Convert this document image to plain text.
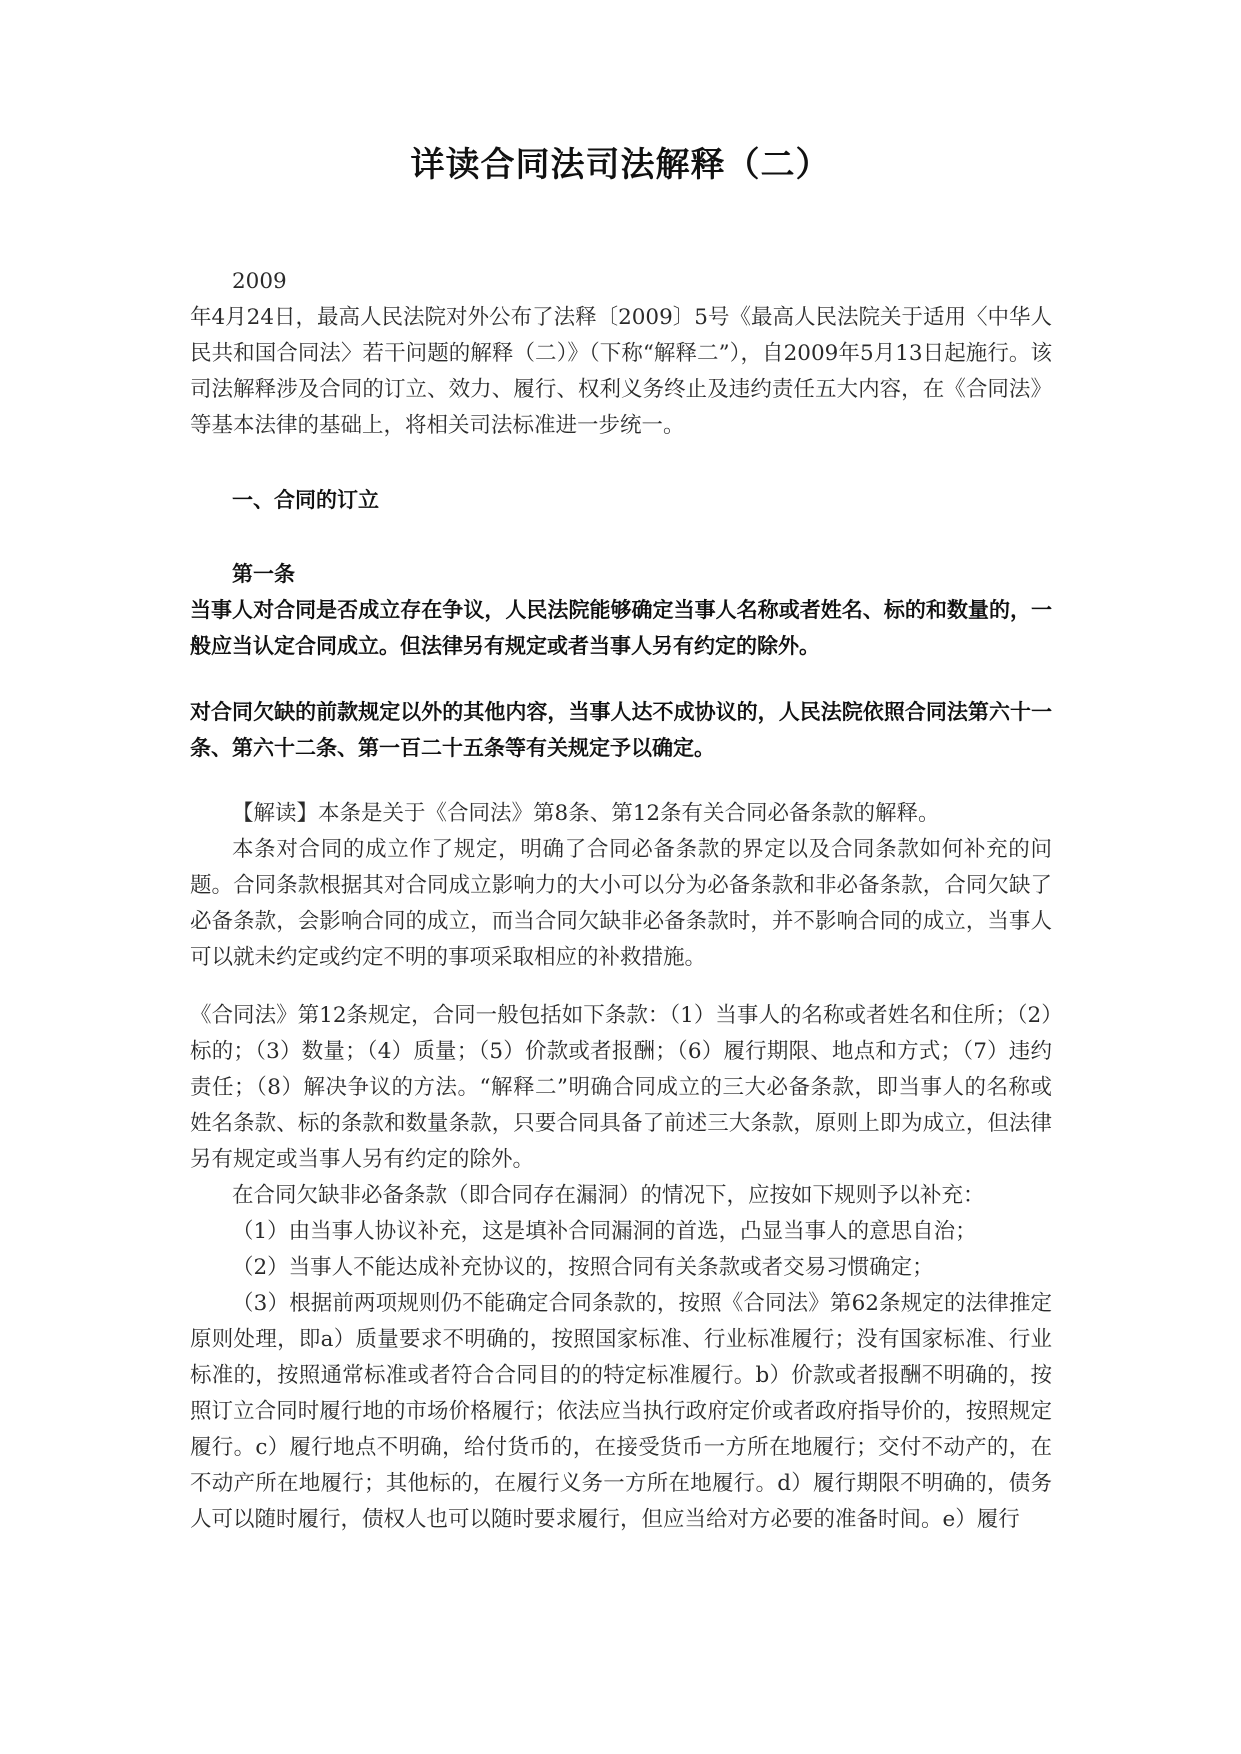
详读合同法司法解释（二）

2009

年4月24日，最高人民法院对外公布了法释〔2009〕5号《最高人民法院关于适用〈中华人民共和国合同法〉若干问题的解释（二）》（下称“解释二”），自2009年5月13日起施行。该司法解释涉及合同的订立、效力、履行、权利义务终止及违约责任五大内容，在《合同法》等基本法律的基础上，将相关司法标准进一步统一。

一、合同的订立

第一条

当事人对合同是否成立存在争议，人民法院能够确定当事人名称或者姓名、标的和数量的，一般应当认定合同成立。但法律另有规定或者当事人另有约定的除外。

对合同欠缺的前款规定以外的其他内容，当事人达不成协议的，人民法院依照合同法第六十一条、第六十二条、第一百二十五条等有关规定予以确定。

【解读】本条是关于《合同法》第8条、第12条有关合同必备条款的解释。

本条对合同的成立作了规定，明确了合同必备条款的界定以及合同条款如何补充的问题。合同条款根据其对合同成立影响力的大小可以分为必备条款和非必备条款，合同欠缺了必备条款，会影响合同的成立，而当合同欠缺非必备条款时，并不影响合同的成立，当事人可以就未约定或约定不明的事项采取相应的补救措施。

《合同法》第12条规定，合同一般包括如下条款：（1）当事人的名称或者姓名和住所；（2）标的；（3）数量；（4）质量；（5）价款或者报酬；（6）履行期限、地点和方式；（7）违约责任；（8）解决争议的方法。“解释二”明确合同成立的三大必备条款，即当事人的名称或姓名条款、标的条款和数量条款，只要合同具备了前述三大条款，原则上即为成立，但法律另有规定或当事人另有约定的除外。

在合同欠缺非必备条款（即合同存在漏洞）的情况下，应按如下规则予以补充：

（1）由当事人协议补充，这是填补合同漏洞的首选，凸显当事人的意思自治；

（2）当事人不能达成补充协议的，按照合同有关条款或者交易习惯确定；

（3）根据前两项规则仍不能确定合同条款的，按照《合同法》第62条规定的法律推定原则处理，即a）质量要求不明确的，按照国家标准、行业标准履行；没有国家标准、行业标准的，按照通常标准或者符合合同目的的特定标准履行。b）价款或者报酬不明确的，按照订立合同时履行地的市场价格履行；依法应当执行政府定价或者政府指导价的，按照规定履行。c）履行地点不明确，给付货币的，在接受货币一方所在地履行；交付不动产的，在不动产所在地履行；其他标的，在履行义务一方所在地履行。d）履行期限不明确的，债务人可以随时履行，债权人也可以随时要求履行，但应当给对方必要的准备时间。e）履行
